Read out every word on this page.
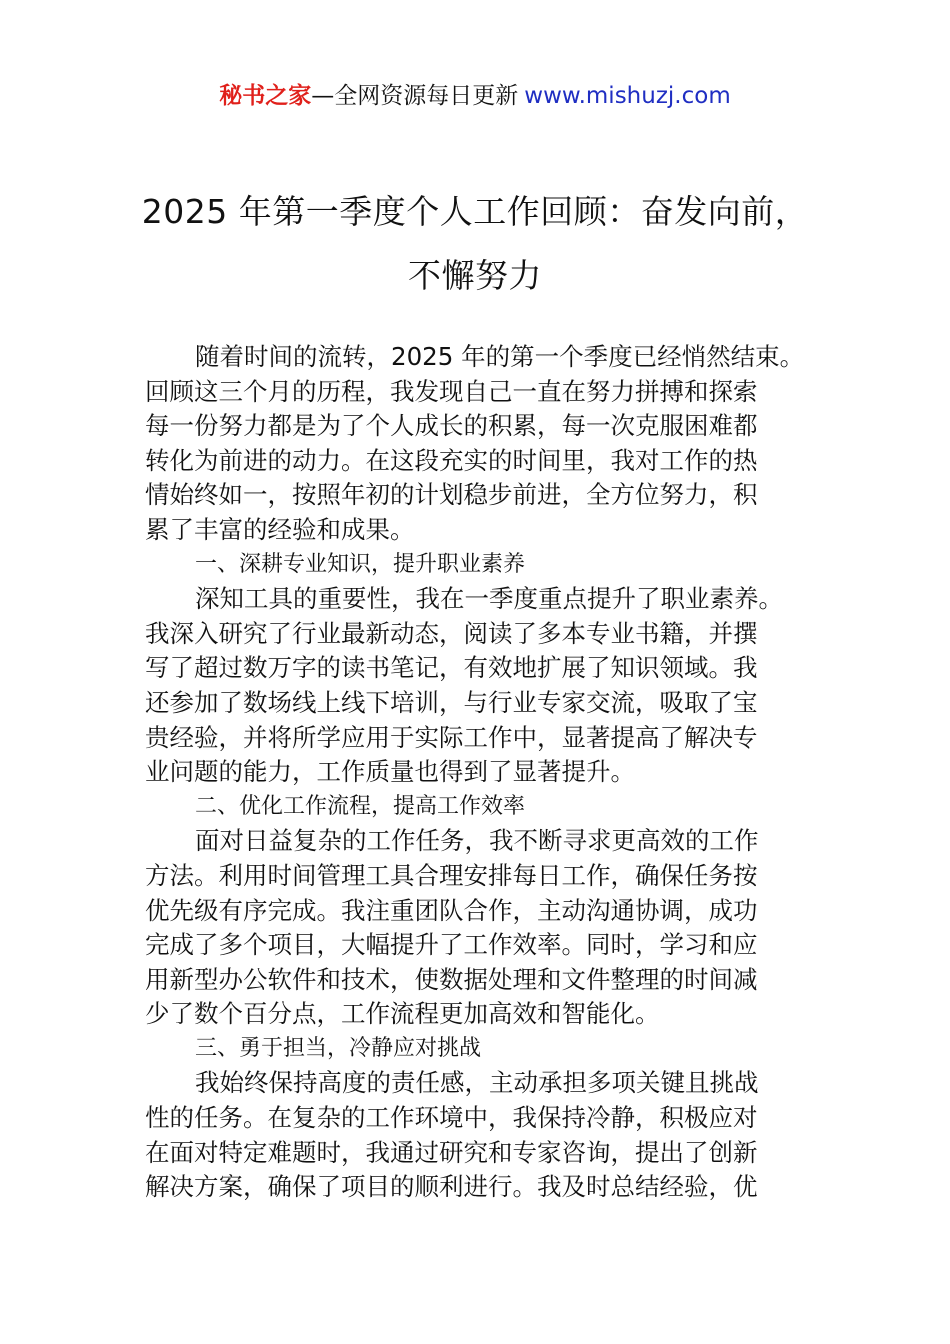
秘书之家—全网资源每日更新 www.mishuzj.com
2025 年第一季度个人工作回顾：奋发向前，
不懈努力
随着时间的流转，2025 年的第一个季度已经悄然结束。
回顾这三个月的历程，我发现自己一直在努力拼搏和探索
每一份努力都是为了个人成长的积累，每一次克服困难都
转化为前进的动力。在这段充实的时间里，我对工作的热
情始终如一，按照年初的计划稳步前进，全方位努力，积
累了丰富的经验和成果。
一、深耕专业知识，提升职业素养
深知工具的重要性，我在一季度重点提升了职业素养。
我深入研究了行业最新动态，阅读了多本专业书籍，并撰
写了超过数万字的读书笔记，有效地扩展了知识领域。我
还参加了数场线上线下培训，与行业专家交流，吸取了宝
贵经验，并将所学应用于实际工作中，显著提高了解决专
业问题的能力，工作质量也得到了显著提升。
二、优化工作流程，提高工作效率
面对日益复杂的工作任务，我不断寻求更高效的工作
方法。利用时间管理工具合理安排每日工作，确保任务按
优先级有序完成。我注重团队合作，主动沟通协调，成功
完成了多个项目，大幅提升了工作效率。同时，学习和应
用新型办公软件和技术，使数据处理和文件整理的时间减
少了数个百分点，工作流程更加高效和智能化。
三、勇于担当，冷静应对挑战
我始终保持高度的责任感，主动承担多项关键且挑战
性的任务。在复杂的工作环境中，我保持冷静，积极应对
在面对特定难题时，我通过研究和专家咨询，提出了创新
解决方案，确保了项目的顺利进行。我及时总结经验，优
